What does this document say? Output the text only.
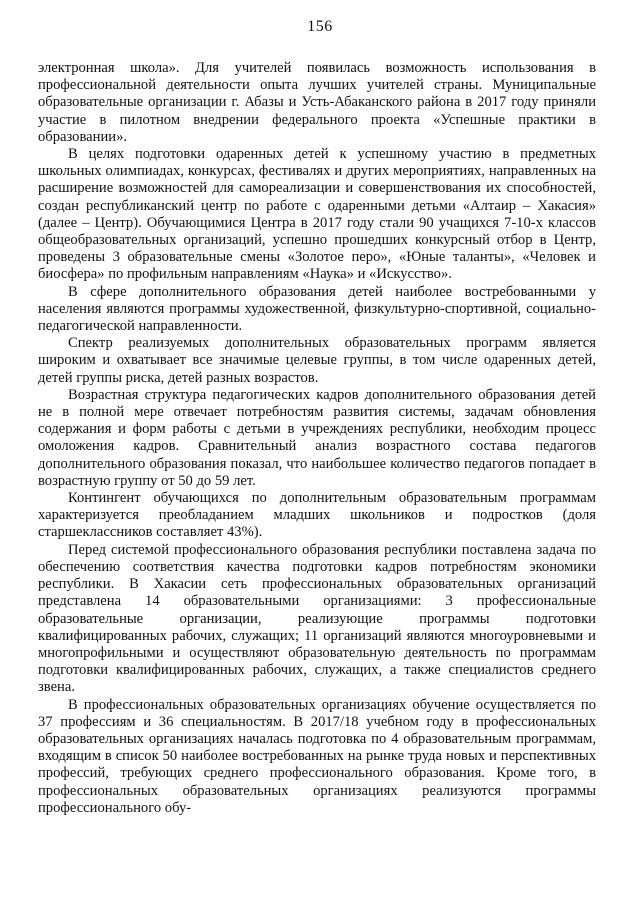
156

электронная школа». Для учителей появилась возможность использования в профессиональной деятельности опыта лучших учителей страны. Муниципальные образовательные организации г. Абазы и Усть-Абаканского района в 2017 году приняли участие в пилотном внедрении федерального проекта «Успешные практики в образовании».

В целях подготовки одаренных детей к успешному участию в предметных школьных олимпиадах, конкурсах, фестивалях и других мероприятиях, направленных на расширение возможностей для самореализации и совершенствования их способностей, создан республиканский центр по работе с одаренными детьми «Алтаир – Хакасия» (далее – Центр). Обучающимися Центра в 2017 году стали 90 учащихся 7-10-х классов общеобразовательных организаций, успешно прошедших конкурсный отбор в Центр, проведены 3 образовательные смены «Золотое перо», «Юные таланты», «Человек и биосфера» по профильным направлениям «Наука» и «Искусство».

В сфере дополнительного образования детей наиболее востребованными у населения являются программы художественной, физкультурно-спортивной, социально-педагогической направленности.

Спектр реализуемых дополнительных образовательных программ является широким и охватывает все значимые целевые группы, в том числе одаренных детей, детей группы риска, детей разных возрастов.

Возрастная структура педагогических кадров дополнительного образования детей не в полной мере отвечает потребностям развития системы, задачам обновления содержания и форм работы с детьми в учреждениях республики, необходим процесс омоложения кадров. Сравнительный анализ возрастного состава педагогов дополнительного образования показал, что наибольшее количество педагогов попадает в возрастную группу от 50 до 59 лет.

Контингент обучающихся по дополнительным образовательным программам характеризуется преобладанием младших школьников и подростков (доля старшеклассников составляет 43%).

Перед системой профессионального образования республики поставлена задача по обеспечению соответствия качества подготовки кадров потребностям экономики республики. В Хакасии сеть профессиональных образовательных организаций представлена 14 образовательными организациями: 3 профессиональные образовательные организации, реализующие программы подготовки квалифицированных рабочих, служащих; 11 организаций являются многоуровневыми и многопрофильными и осуществляют образовательную деятельность по программам подготовки квалифицированных рабочих, служащих, а также специалистов среднего звена.

В профессиональных образовательных организациях обучение осуществляется по 37 профессиям и 36 специальностям. В 2017/18 учебном году в профессиональных образовательных организациях началась подготовка по 4 образовательным программам, входящим в список 50 наиболее востребованных на рынке труда новых и перспективных профессий, требующих среднего профессионального образования. Кроме того, в профессиональных образовательных организациях реализуются программы профессионального обу-
